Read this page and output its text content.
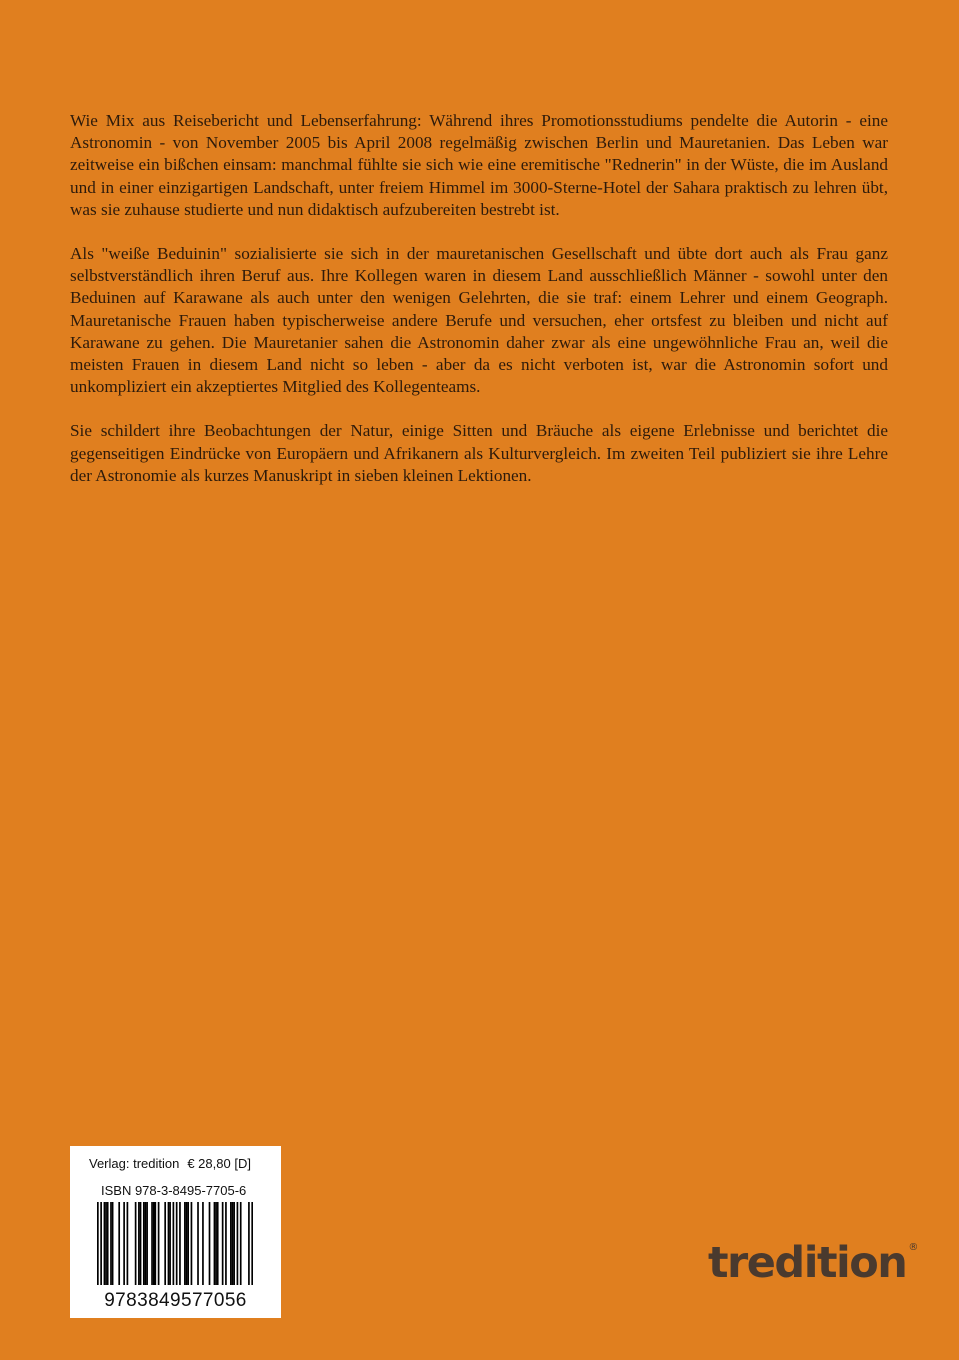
Wie Mix aus Reisebericht und Lebenserfahrung: Während ihres Promotionsstudiums pendelte die Autorin - eine Astronomin - von November 2005 bis April 2008 regelmäßig zwischen Berlin und Mauretanien. Das Leben war zeitweise ein bißchen einsam: manchmal fühlte sie sich wie eine eremitische "Rednerin" in der Wüste, die im Ausland und in einer einzigartigen Landschaft, unter freiem Himmel im 3000-Sterne-Hotel der Sahara praktisch zu lehren übt, was sie zuhause studierte und nun didaktisch aufzubereiten bestrebt ist.

Als "weiße Beduinin" sozialisierte sie sich in der mauretanischen Gesellschaft und übte dort auch als Frau ganz selbstverständlich ihren Beruf aus. Ihre Kollegen waren in diesem Land ausschließlich Männer - sowohl unter den Beduinen auf Karawane als auch unter den wenigen Gelehrten, die sie traf: einem Lehrer und einem Geograph. Mauretanische Frauen haben typischerweise andere Berufe und versuchen, eher ortsfest zu bleiben und nicht auf Karawane zu gehen. Die Mauretanier sahen die Astronomin daher zwar als eine ungewöhnliche Frau an, weil die meisten Frauen in diesem Land nicht so leben - aber da es nicht verboten ist, war die Astronomin sofort und unkompliziert ein akzeptiertes Mitglied des Kollegenteams.

Sie schildert ihre Beobachtungen der Natur, einige Sitten und Bräuche als eigene Erlebnisse und berichtet die gegenseitigen Eindrücke von Europäern und Afrikanern als Kulturvergleich. Im zweiten Teil publiziert sie ihre Lehre der Astronomie als kurzes Manuskript in sieben kleinen Lektionen.

Verlag: tredition € 28,80 [D]
ISBN 978-3-8495-7705-6
9783849577056
tredition ®
